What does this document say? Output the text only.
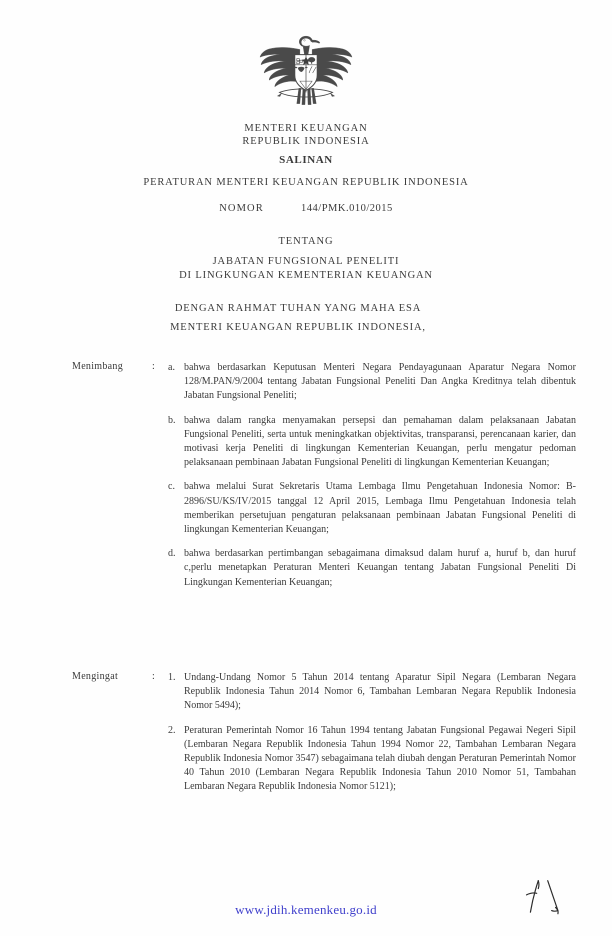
MENTERI KEUANGAN
REPUBLIK INDONESIA
SALINAN
PERATURAN MENTERI KEUANGAN REPUBLIK INDONESIA
NOMOR	144/PMK.010/2015
TENTANG
JABATAN FUNGSIONAL PENELITI
DI LINGKUNGAN KEMENTERIAN KEUANGAN
DENGAN RAHMAT TUHAN YANG MAHA ESA
MENTERI KEUANGAN REPUBLIK INDONESIA,
Menimbang	:	a. bahwa berdasarkan Keputusan Menteri Negara Pendayagunaan Aparatur Negara Nomor 128/M.PAN/9/2004 tentang Jabatan Fungsional Peneliti Dan Angka Kreditnya telah dibentuk Jabatan Fungsional Peneliti;
b. bahwa dalam rangka menyamakan persepsi dan pemahaman dalam pelaksanaan Jabatan Fungsional Peneliti, serta untuk meningkatkan objektivitas, transparansi, perencanaan karier, dan motivasi kerja Peneliti di lingkungan Kementerian Keuangan, perlu mengatur pedoman pelaksanaan pembinaan Jabatan Fungsional Peneliti di lingkungan Kementerian Keuangan;
c. bahwa melalui Surat Sekretaris Utama Lembaga Ilmu Pengetahuan Indonesia Nomor: B-2896/SU/KS/IV/2015 tanggal 12 April 2015, Lembaga Ilmu Pengetahuan Indonesia telah memberikan persetujuan pengaturan pelaksanaan pembinaan Jabatan Fungsional Peneliti di lingkungan Kementerian Keuangan;
d. bahwa berdasarkan pertimbangan sebagaimana dimaksud dalam huruf a, huruf b, dan huruf c,perlu menetapkan Peraturan Menteri Keuangan tentang Jabatan Fungsional Peneliti Di Lingkungan Kementerian Keuangan;
Mengingat	:	1. Undang-Undang Nomor 5 Tahun 2014 tentang Aparatur Sipil Negara (Lembaran Negara Republik Indonesia Tahun 2014 Nomor 6, Tambahan Lembaran Negara Republik Indonesia Nomor 5494);
2. Peraturan Pemerintah Nomor 16 Tahun 1994 tentang Jabatan Fungsional Pegawai Negeri Sipil (Lembaran Negara Republik Indonesia Tahun 1994 Nomor 22, Tambahan Lembaran Negara Republik Indonesia Nomor 3547) sebagaimana telah diubah dengan Peraturan Pemerintah Nomor 40 Tahun 2010 (Lembaran Negara Republik Indonesia Tahun 2010 Nomor 51, Tambahan Lembaran Negara Republik Indonesia Nomor 5121);
www.jdih.kemenkeu.go.id
